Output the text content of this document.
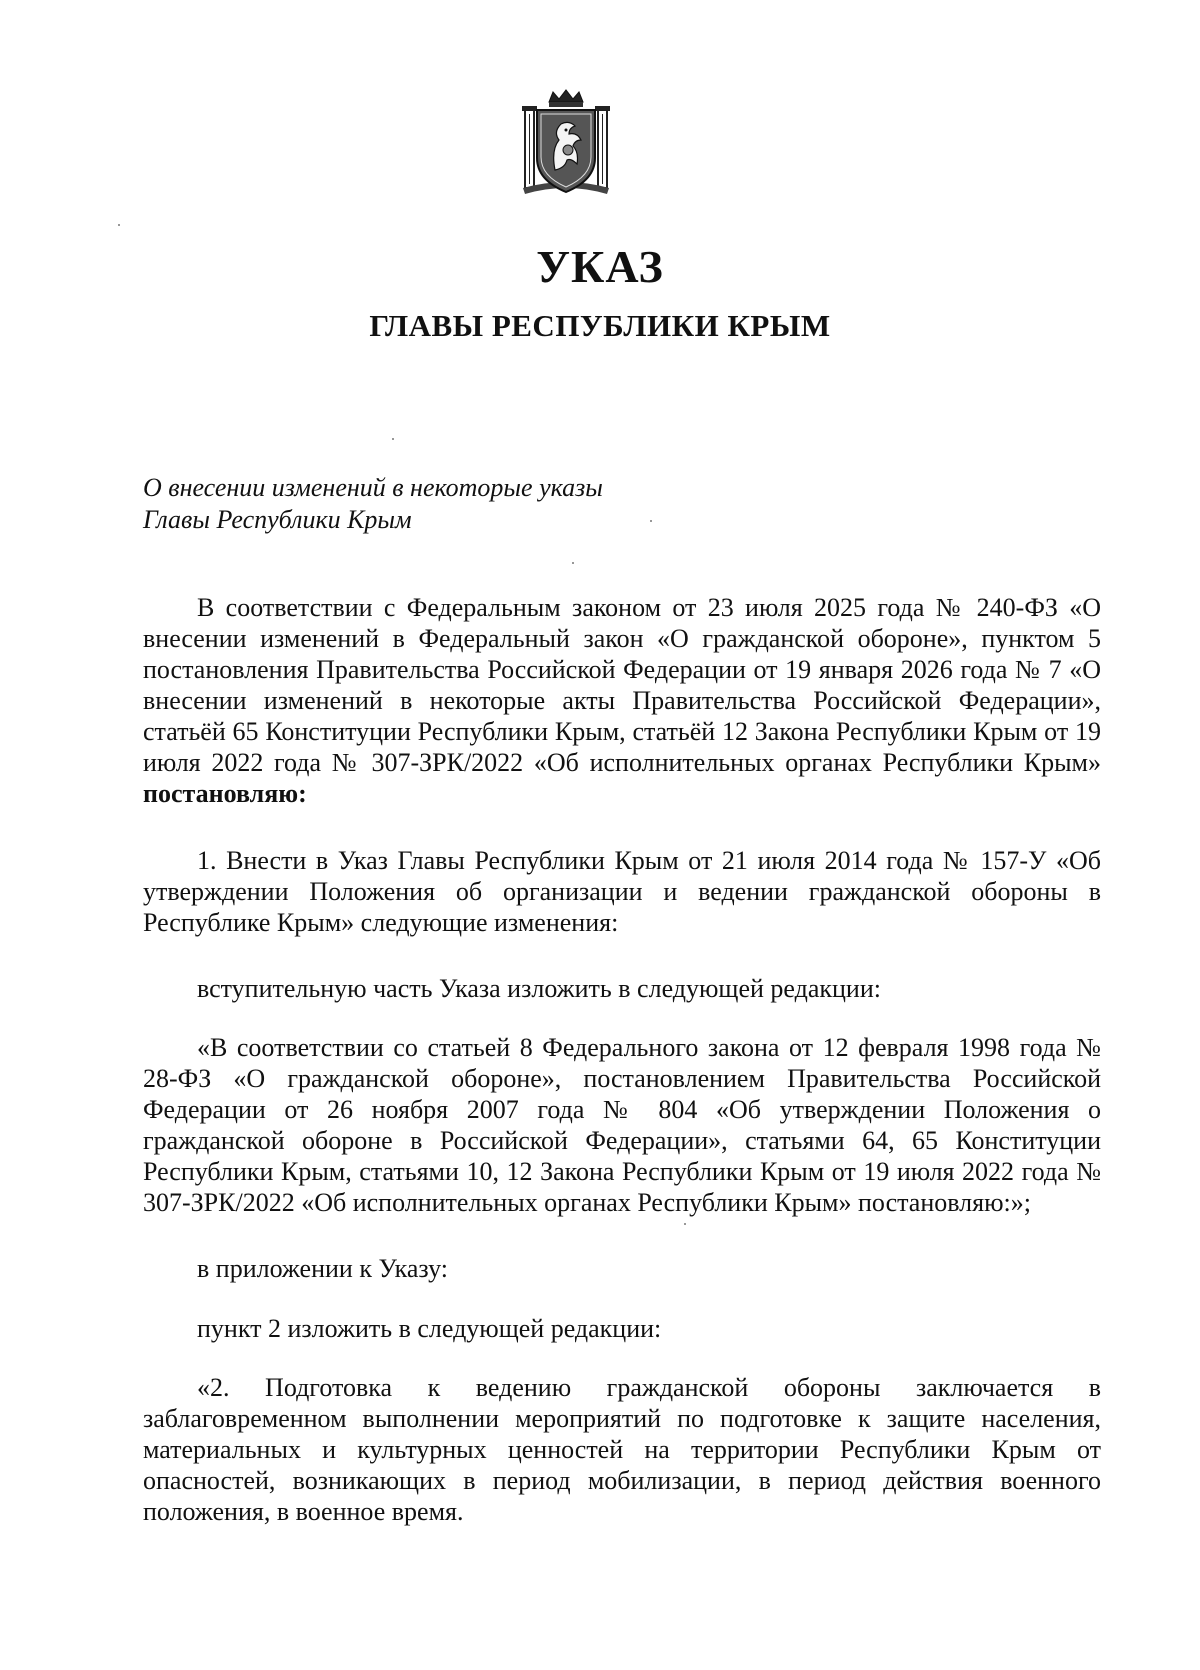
УКАЗ
ГЛАВЫ РЕСПУБЛИКИ КРЫМ
О внесении изменений в некоторые указы
Главы Республики Крым

В соответствии с Федеральным законом от 23 июля 2025 года № 240-ФЗ «О внесении изменений в Федеральный закон «О гражданской обороне», пунктом 5 постановления Правительства Российской Федерации от 19 января 2026 года № 7 «О внесении изменений в некоторые акты Правительства Российской Федерации», статьёй 65 Конституции Республики Крым, статьёй 12 Закона Республики Крым от 19 июля 2022 года № 307-ЗРК/2022 «Об исполнительных органах Республики Крым» постановляю:

1. Внести в Указ Главы Республики Крым от 21 июля 2014 года № 157-У «Об утверждении Положения об организации и ведении гражданской обороны в Республике Крым» следующие изменения:

вступительную часть Указа изложить в следующей редакции:

«В соответствии со статьей 8 Федерального закона от 12 февраля 1998 года № 28-ФЗ «О гражданской обороне», постановлением Правительства Российской Федерации от 26 ноября 2007 года № 804 «Об утверждении Положения о гражданской обороне в Российской Федерации», статьями 64, 65 Конституции Республики Крым, статьями 10, 12 Закона Республики Крым от 19 июля 2022 года № 307-ЗРК/2022 «Об исполнительных органах Республики Крым» постановляю:»;

в приложении к Указу:

пункт 2 изложить в следующей редакции:

«2. Подготовка к ведению гражданской обороны заключается в заблаговременном выполнении мероприятий по подготовке к защите населения, материальных и культурных ценностей на территории Республики Крым от опасностей, возникающих в период мобилизации, в период действия военного положения, в военное время.
